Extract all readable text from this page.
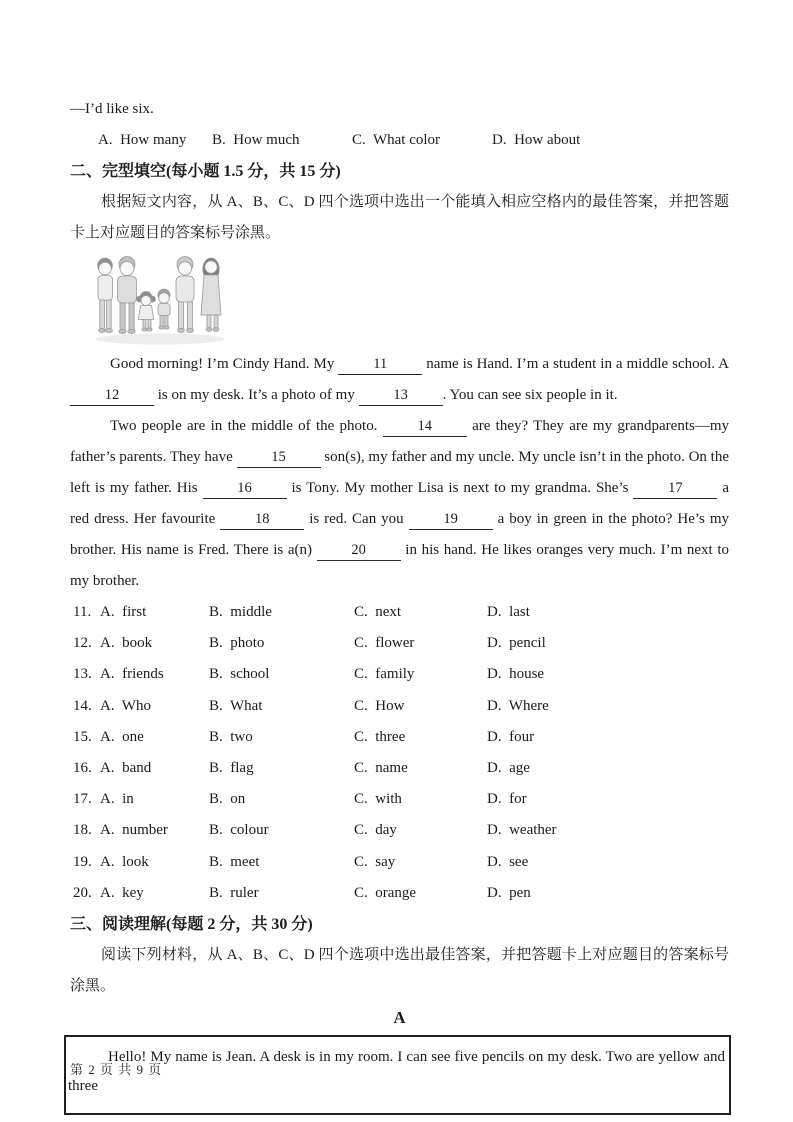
—I’d like six.

A.  How many	B.  How much	C.  What color	D.  How about
二、完型填空(每小题 1.5 分，共 15 分)

根据短文内容，从 A、B、C、D 四个选项中选出一个能填入相应空格内的最佳答案，并把答题卡上对应题目的答案标号涂黑。

Good morning! I’m Cindy Hand. My 11 name is Hand. I’m a student in a middle school. A 12 is on my desk. It’s a photo of my 13 . You can see six people in it.

Two people are in the middle of the photo. 14 are they? They are my grandparents—my father’s parents. They have 15 son(s), my father and my uncle. My uncle isn’t in the photo. On the left is my father. His 16 is Tony. My mother Lisa is next to my grandma. She’s 17 a red dress. Her favourite 18 is red. Can you 19 a boy in green in the photo? He’s my brother. His name is Fred. There is a(n) 20 in his hand. He likes oranges very much. I’m next to my brother.

11. A.  first	B.  middle	C.  next	D.  last
12. A.  book	B.  photo	C.  flower	D.  pencil
13. A.  friends	B.  school	C.  family	D.  house
14. A.  Who	B.  What	C.  How	D.  Where
15. A.  one	B.  two	C.  three	D.  four
16. A.  band	B.  flag	C.  name	D.  age
17. A.  in	B.  on	C.  with	D.  for
18. A.  number	B.  colour	C.  day	D.  weather
19. A.  look	B.  meet	C.  say	D.  see
20. A.  key	B.  ruler	C.  orange	D.  pen
三、阅读理解(每题 2 分，共 30 分)

阅读下列材料，从 A、B、C、D 四个选项中选出最佳答案，并把答题卡上对应题目的答案标号涂黑。

A

Hello! My name is Jean. A desk is in my room. I can see five pencils on my desk. Two are yellow and three

第 2 页 共 9 页
